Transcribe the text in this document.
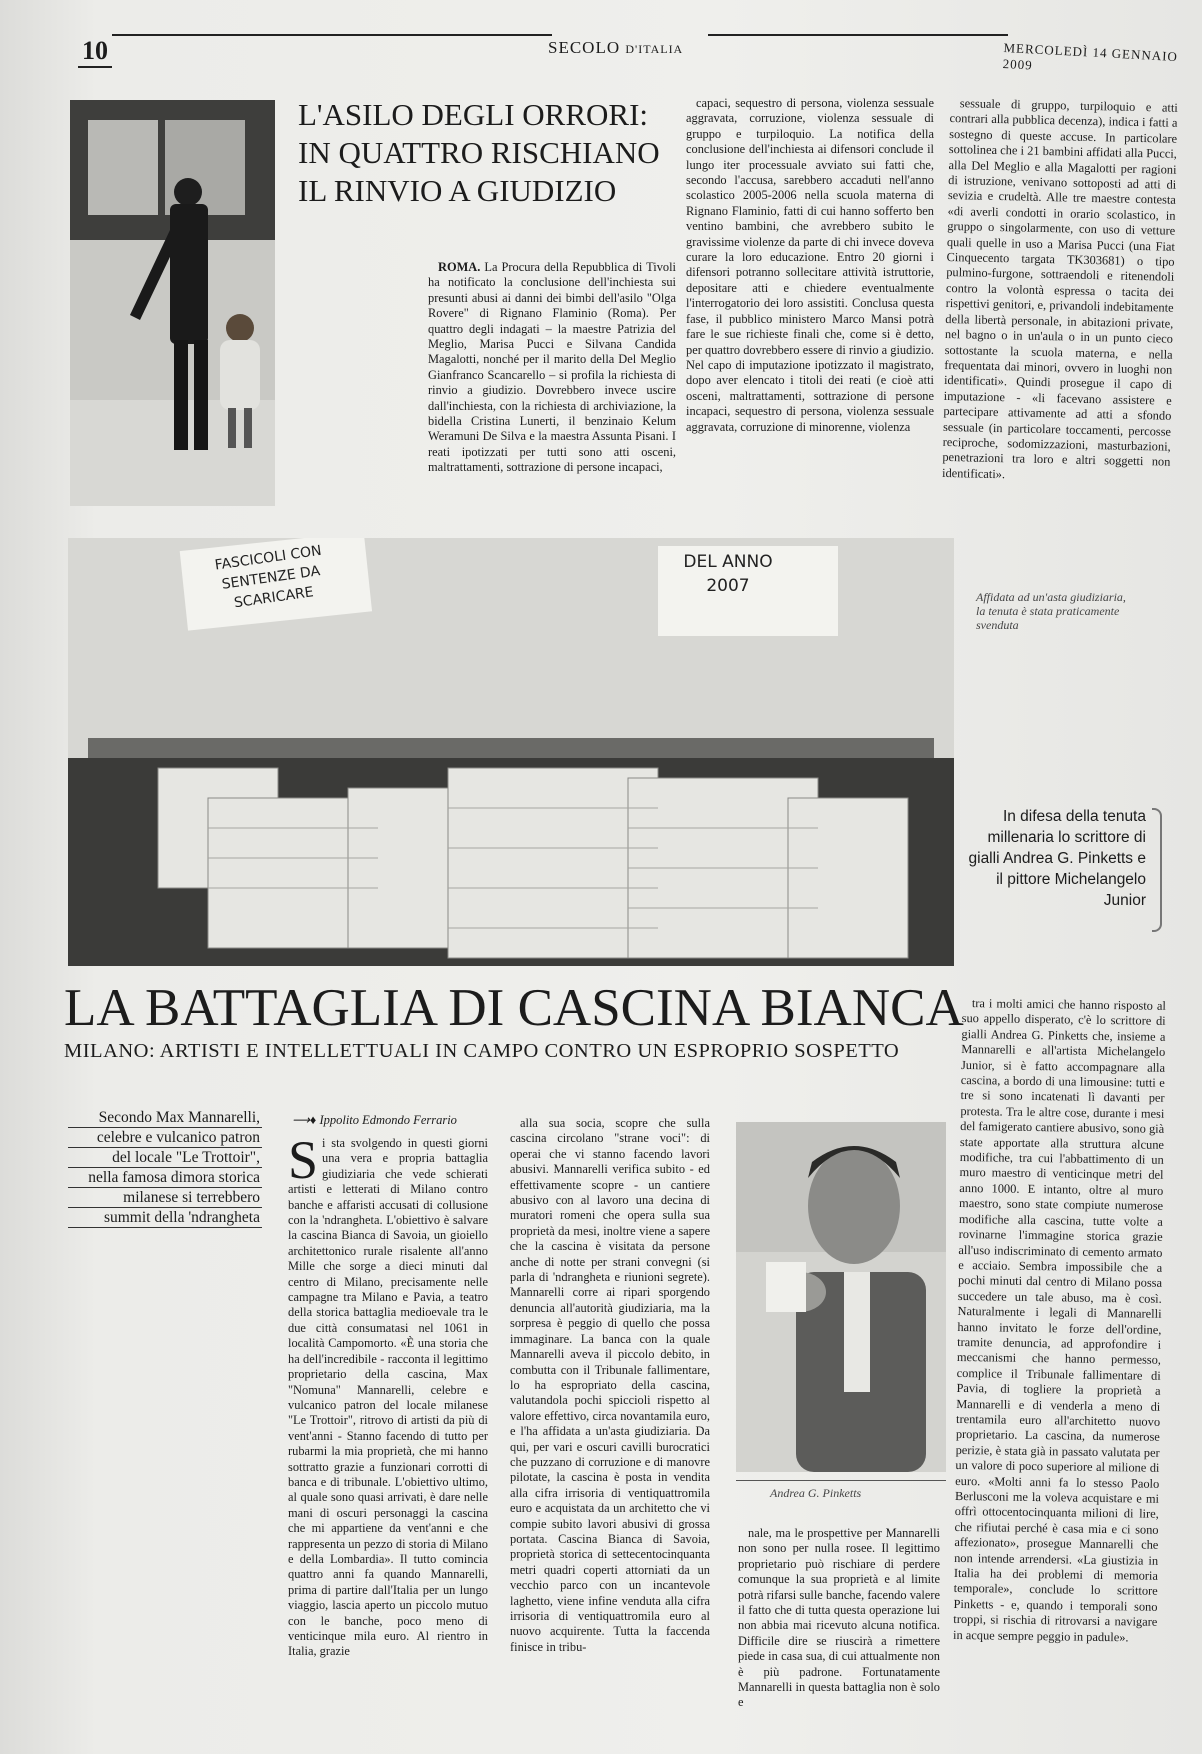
10	SECOLO D'ITALIA	MERCOLEDÌ 14 GENNAIO 2009
L'ASILO DEGLI ORRORI: IN QUATTRO RISCHIANO IL RINVIO A GIUDIZIO

ROMA. La Procura della Repubblica di Tivoli ha notificato la conclusione dell'inchiesta sui presunti abusi ai danni dei bimbi dell'asilo "Olga Rovere" di Rignano Flaminio (Roma). Per quattro degli indagati – la maestre Patrizia del Meglio, Marisa Pucci e Silvana Candida Magalotti, nonché per il marito della Del Meglio Gianfranco Scancarello – si profila la richiesta di rinvio a giudizio. Dovrebbero invece uscire dall'inchiesta, con la richiesta di archiviazione, la bidella Cristina Lunerti, il benzinaio Kelum Weramuni De Silva e la maestra Assunta Pisani. I reati ipotizzati per tutti sono atti osceni, maltrattamenti, sottrazione di persone incapaci,

capaci, sequestro di persona, violenza sessuale aggravata, corruzione, violenza sessuale di gruppo e turpiloquio. La notifica della conclusione dell'inchiesta ai difensori conclude il lungo iter processuale avviato sui fatti che, secondo l'accusa, sarebbero accaduti nell'anno scolastico 2005-2006 nella scuola materna di Rignano Flaminio, fatti di cui hanno sofferto ben ventino bambini, che avrebbero subito le gravissime violenze da parte di chi invece doveva curare la loro educazione. Entro 20 giorni i difensori potranno sollecitare attività istruttorie, depositare atti e chiedere eventualmente l'interrogatorio dei loro assistiti. Conclusa questa fase, il pubblico ministero Marco Mansi potrà fare le sue richieste finali che, come si è detto, per quattro dovrebbero essere di rinvio a giudizio. Nel capo di imputazione ipotizzato il magistrato, dopo aver elencato i titoli dei reati (e cioè atti osceni, maltrattamenti, sottrazione di persone incapaci, sequestro di persona, violenza sessuale aggravata, corruzione di minorenne, violenza

sessuale di gruppo, turpiloquio e atti contrari alla pubblica decenza), indica i fatti a sostegno di queste accuse. In particolare sottolinea che i 21 bambini affidati alla Pucci, alla Del Meglio e alla Magalotti per ragioni di istruzione, venivano sottoposti ad atti di sevizia e crudeltà. Alle tre maestre contesta «di averli condotti in orario scolastico, in gruppo o singolarmente, con uso di vetture quali quelle in uso a Marisa Pucci (una Fiat Cinquecento targata TK303681) o tipo pulmino-furgone, sottraendoli e ritenendoli contro la volontà espressa o tacita dei rispettivi genitori, e, privandoli indebitamente della libertà personale, in abitazioni private, nel bagno o in un'aula o in un punto cieco sottostante la scuola materna, e nella frequentata dai minori, ovvero in luoghi non identificati». Quindi prosegue il capo di imputazione - «li facevano assistere e partecipare attivamente ad atti a sfondo sessuale (in particolare toccamenti, percosse reciproche, sodomizzazioni, masturbazioni, penetrazioni tra loro e altri soggetti non identificati».

FASCICOLI CON SENTENZE DA SCARICARE
DEL ANNO 2007
Affidata ad un'asta giudiziaria, la tenuta è stata praticamente svenduta
In difesa della tenuta millenaria lo scrittore di gialli Andrea G. Pinketts e il pittore Michelangelo Junior
LA BATTAGLIA DI CASCINA BIANCA
MILANO: ARTISTI E INTELLETTUALI IN CAMPO CONTRO UN ESPROPRIO SOSPETTO
Secondo Max Mannarelli,
celebre e vulcanico patron
del locale "Le Trottoir",
nella famosa dimora storica
milanese si terrebbero
summit della 'ndrangheta
⟶♦ Ippolito Edmondo Ferrario
S i sta svolgendo in questi giorni una vera e propria battaglia giudiziaria che vede schierati artisti e letterati di Milano contro banche e affaristi accusati di collusione con la 'ndrangheta. L'obiettivo è salvare la cascina Bianca di Savoia, un gioiello architettonico rurale risalente all'anno Mille che sorge a dieci minuti dal centro di Milano, precisamente nelle campagne tra Milano e Pavia, a teatro della storica battaglia medioevale tra le due città consumatasi nel 1061 in località Campomorto. «È una storia che ha dell'incredibile - racconta il legittimo proprietario della cascina, Max "Nomuna" Mannarelli, celebre e vulcanico patron del locale milanese "Le Trottoir", ritrovo di artisti da più di vent'anni - Stanno facendo di tutto per rubarmi la mia proprietà, che mi hanno sottratto grazie a funzionari corrotti di banca e di tribunale. L'obiettivo ultimo, al quale sono quasi arrivati, è dare nelle mani di oscuri personaggi la cascina che mi appartiene da vent'anni e che rappresenta un pezzo di storia di Milano e della Lombardia». Il tutto comincia quattro anni fa quando Mannarelli, prima di partire dall'Italia per un lungo viaggio, lascia aperto un piccolo mutuo con le banche, poco meno di venticinque mila euro. Al rientro in Italia, grazie

alla sua socia, scopre che sulla cascina circolano "strane voci": di operai che vi stanno facendo lavori abusivi. Mannarelli verifica subito - ed effettivamente scopre - un cantiere abusivo con al lavoro una decina di muratori romeni che opera sulla sua proprietà da mesi, inoltre viene a sapere che la cascina è visitata da persone anche di notte per strani convegni (si parla di 'ndrangheta e riunioni segrete). Mannarelli corre ai ripari sporgendo denuncia all'autorità giudiziaria, ma la sorpresa è peggio di quello che possa immaginare. La banca con la quale Mannarelli aveva il piccolo debito, in combutta con il Tribunale fallimentare, lo ha espropriato della cascina, valutandola pochi spiccioli rispetto al valore effettivo, circa novantamila euro, e l'ha affidata a un'asta giudiziaria. Da qui, per vari e oscuri cavilli burocratici che puzzano di corruzione e di manovre pilotate, la cascina è posta in vendita alla cifra irrisoria di ventiquattromila euro e acquistata da un architetto che vi compie subito lavori abusivi di grossa portata. Cascina Bianca di Savoia, proprietà storica di settecentocinquanta metri quadri coperti attorniati da un vecchio parco con un incantevole laghetto, viene infine venduta alla cifra irrisoria di ventiquattromila euro al nuovo acquirente. Tutta la faccenda finisce in tribu-

Andrea G. Pinketts

nale, ma le prospettive per Mannarelli non sono per nulla rosee. Il legittimo proprietario può rischiare di perdere comunque la sua proprietà e al limite potrà rifarsi sulle banche, facendo valere il fatto che di tutta questa operazione lui non abbia mai ricevuto alcuna notifica. Difficile dire se riuscirà a rimettere piede in casa sua, di cui attualmente non è più padrone. Fortunatamente Mannarelli in questa battaglia non è solo e

tra i molti amici che hanno risposto al suo appello disperato, c'è lo scrittore di gialli Andrea G. Pinketts che, insieme a Mannarelli e all'artista Michelangelo Junior, si è fatto accompagnare alla cascina, a bordo di una limousine: tutti e tre si sono incatenati lì davanti per protesta. Tra le altre cose, durante i mesi del famigerato cantiere abusivo, sono già state apportate alla struttura alcune modifiche, tra cui l'abbattimento di un muro maestro di venticinque metri del anno 1000. E intanto, oltre al muro maestro, sono state compiute numerose modifiche alla cascina, tutte volte a rovinarne l'immagine storica grazie all'uso indiscriminato di cemento armato e acciaio. Sembra impossibile che a pochi minuti dal centro di Milano possa succedere un tale abuso, ma è così. Naturalmente i legali di Mannarelli hanno invitato le forze dell'ordine, tramite denuncia, ad approfondire i meccanismi che hanno permesso, complice il Tribunale fallimentare di Pavia, di togliere la proprietà a Mannarelli e di venderla a meno di trentamila euro all'architetto nuovo proprietario. La cascina, da numerose perizie, è stata già in passato valutata per un valore di poco superiore al milione di euro. «Molti anni fa lo stesso Paolo Berlusconi me la voleva acquistare e mi offrì ottocentocinquanta milioni di lire, che rifiutai perché è casa mia e ci sono affezionato», prosegue Mannarelli che non intende arrendersi. «La giustizia in Italia ha dei problemi di memoria temporale», conclude lo scrittore Pinketts - e, quando i temporali sono troppi, si rischia di ritrovarsi a navigare in acque sempre peggio in padule».
